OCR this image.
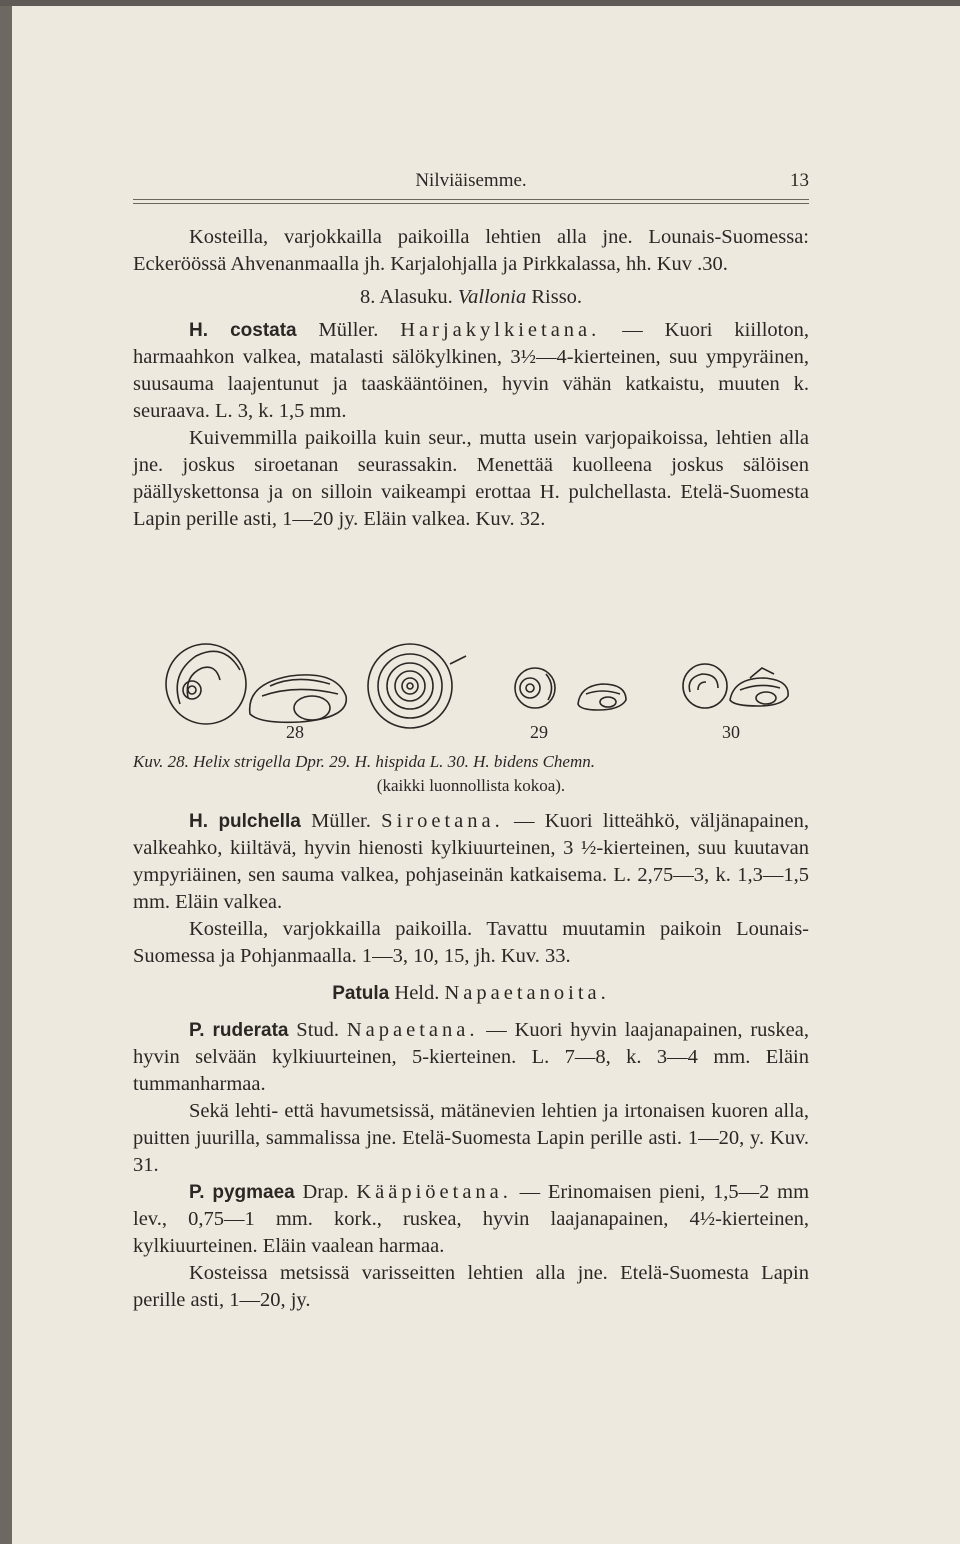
Nilviäisemme.	13

Kosteilla, varjokkailla paikoilla lehtien alla jne. Lounais-Suomessa: Eckeröössä Ahvenanmaalla jh. Karjalohjalla ja Pirkkalassa, hh. Kuv .30.

8. Alasuku. Vallonia Risso.

H. costata Müller. Harjakylkietana. — Kuori kiilloton, harmaahkon valkea, matalasti sälökylkinen, 3½—4-kierteinen, suu ympyräinen, suusauma laajentunut ja taaskääntöinen, hyvin vähän katkaistu, muuten k. seuraava. L. 3, k. 1,5 mm.

Kuivemmilla paikoilla kuin seur., mutta usein varjopaikoissa, lehtien alla jne. joskus siroetanan seurassakin. Menettää kuolleena joskus sälöisen päällyskettonsa ja on silloin vaikeampi erottaa H. pulchellasta. Etelä-Suomesta Lapin perille asti, 1—20 jy. Eläin valkea. Kuv. 32.

28	29	30
Kuv. 28. Helix strigella Dpr. 29. H. hispida L. 30. H. bidens Chemn.
(kaikki luonnollista kokoa).

H. pulchella Müller. Siroetana. — Kuori litteähkö, väljänapainen, valkeahko, kiiltävä, hyvin hienosti kylkiuurteinen, 3 ½-kierteinen, suu kuutavan ympyriäinen, sen sauma valkea, pohjaseinän katkaisema. L. 2,75—3, k. 1,3—1,5 mm. Eläin valkea.

Kosteilla, varjokkailla paikoilla. Tavattu muutamin paikoin Lounais-Suomessa ja Pohjanmaalla. 1—3, 10, 15, jh. Kuv. 33.

Patula Held. Napaetanoita.

P. ruderata Stud. Napaetana. — Kuori hyvin laajanapainen, ruskea, hyvin selvään kylkiuurteinen, 5-kierteinen. L. 7—8, k. 3—4 mm. Eläin tummanharmaa.

Sekä lehti- että havumetsissä, mätänevien lehtien ja irtonaisen kuoren alla, puitten juurilla, sammalissa jne. Etelä-Suomesta Lapin perille asti. 1—20, y. Kuv. 31.

P. pygmaea Drap. Kääpiöetana. — Erinomaisen pieni, 1,5—2 mm lev., 0,75—1 mm. kork., ruskea, hyvin laajanapainen, 4½-kierteinen, kylkiuurteinen. Eläin vaalean harmaa.

Kosteissa metsissä varisseitten lehtien alla jne. Etelä-Suomesta Lapin perille asti, 1—20, jy.
